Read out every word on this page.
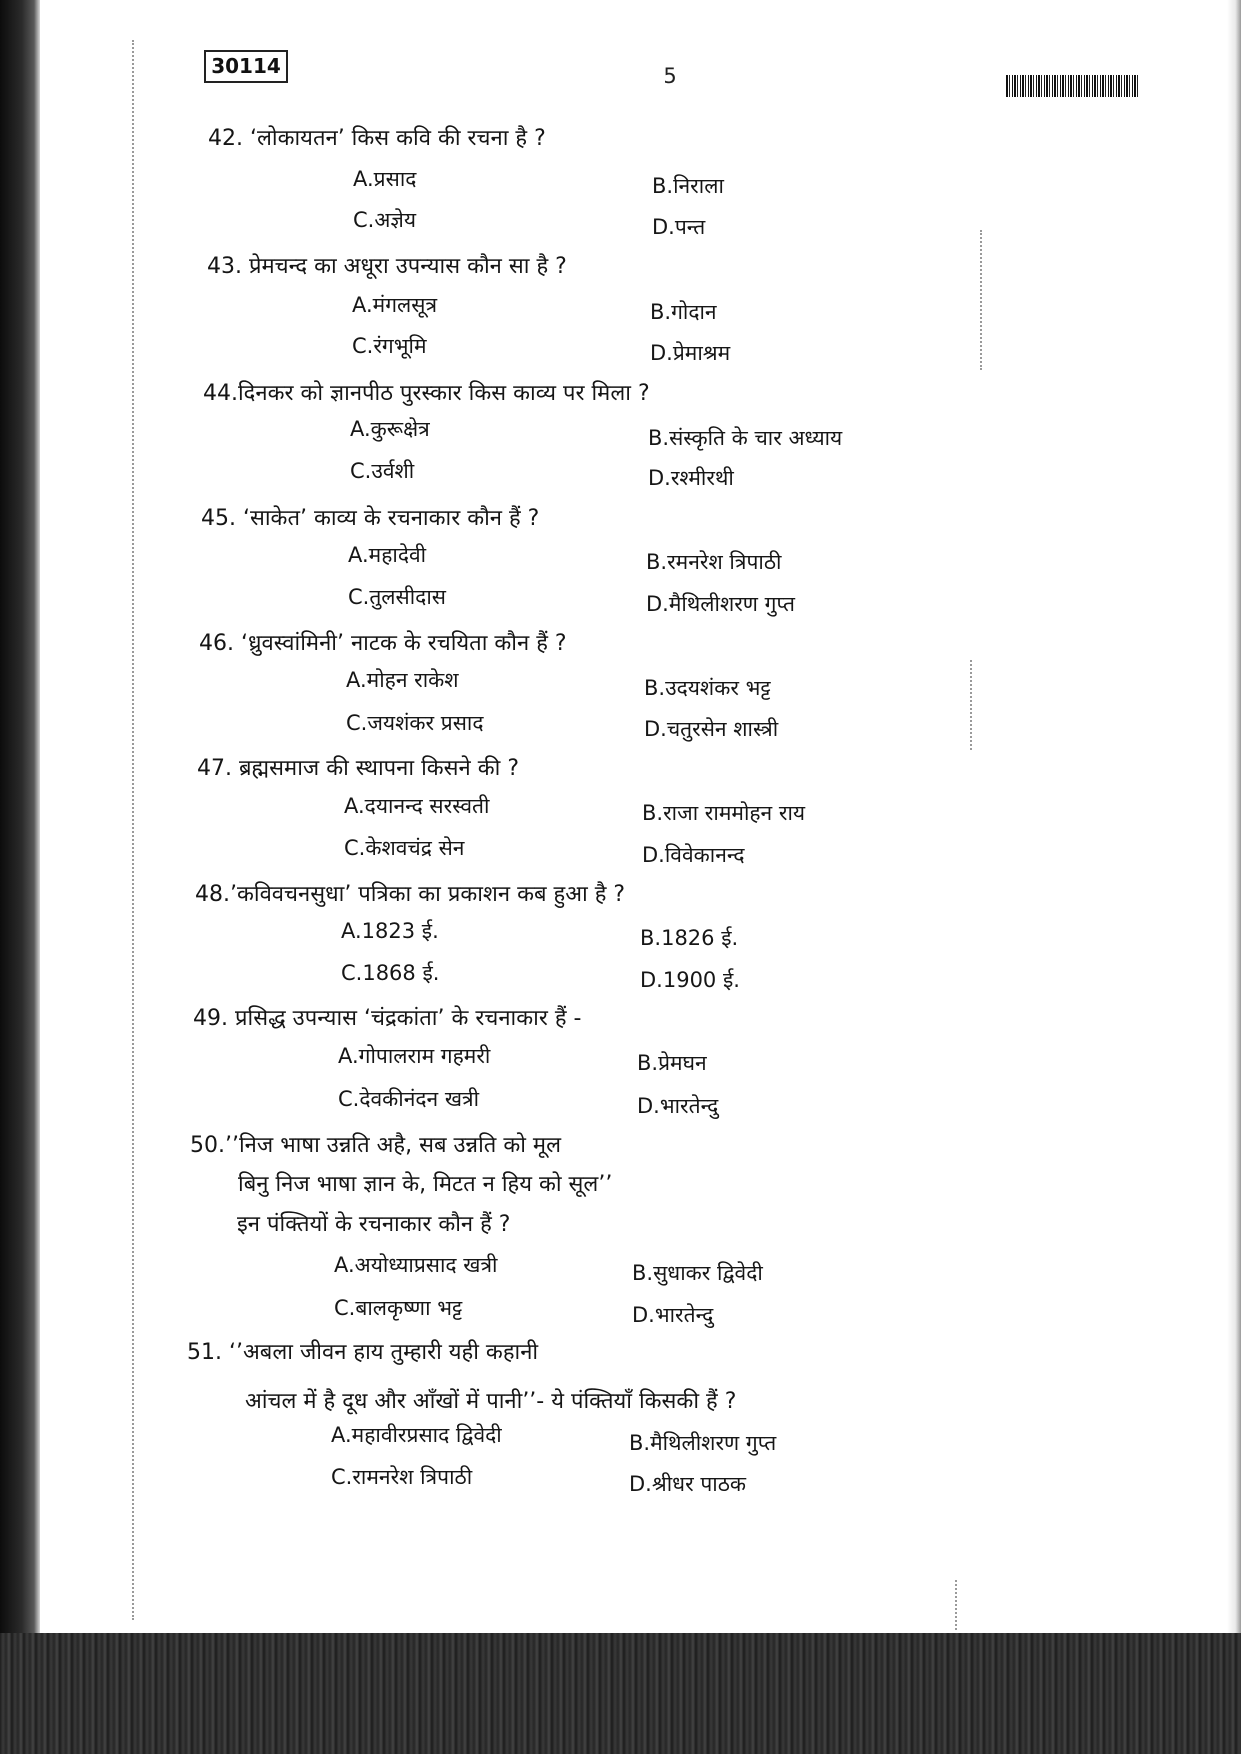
30114	5
42. ‘लोकायतन’ किस कवि की रचना है ?
A.प्रसाद	B.निराला
C.अज्ञेय	D.पन्त
43. प्रेमचन्द का अधूरा उपन्यास कौन सा है ?
A.मंगलसूत्र	B.गोदान
C.रंगभूमि	D.प्रेमाश्रम
44.दिनकर को ज्ञानपीठ पुरस्कार किस काव्य पर मिला ?
A.कुरूक्षेत्र	B.संस्कृति के चार अध्याय
C.उर्वशी	D.रश्मीरथी
45. ‘साकेत’ काव्य के रचनाकार कौन हैं ?
A.महादेवी	B.रमनरेश त्रिपाठी
C.तुलसीदास	D.मैथिलीशरण गुप्त
46. ‘ध्रुवस्वांमिनी’ नाटक के रचयिता कौन हैं ?
A.मोहन राकेश	B.उदयशंकर भट्ट
C.जयशंकर प्रसाद	D.चतुरसेन शास्त्री
47. ब्रह्मसमाज की स्थापना किसने की ?
A.दयानन्द सरस्वती	B.राजा राममोहन राय
C.केशवचंद्र सेन	D.विवेकानन्द
48.’कविवचनसुधा’ पत्रिका का प्रकाशन कब हुआ है ?
A.1823 ई.	B.1826 ई.
C.1868 ई.	D.1900 ई.
49. प्रसिद्ध उपन्यास ‘चंद्रकांता’ के रचनाकार हैं -
A.गोपालराम गहमरी	B.प्रेमघन
C.देवकीनंदन खत्री	D.भारतेन्दु
50.’’निज भाषा उन्नति अहै, सब उन्नति को मूल
बिनु निज भाषा ज्ञान के, मिटत न हिय को सूल’’
इन पंक्तियों के रचनाकार कौन हैं ?
A.अयोध्याप्रसाद खत्री	B.सुधाकर द्विवेदी
C.बालकृष्णा भट्ट	D.भारतेन्दु
51. ‘’अबला जीवन हाय तुम्हारी यही कहानी
आंचल में है दूध और आँखों में पानी’’- ये पंक्तियाँ किसकी हैं ?
A.महावीरप्रसाद द्विवेदी	B.मैथिलीशरण गुप्त
C.रामनरेश त्रिपाठी	D.श्रीधर पाठक
